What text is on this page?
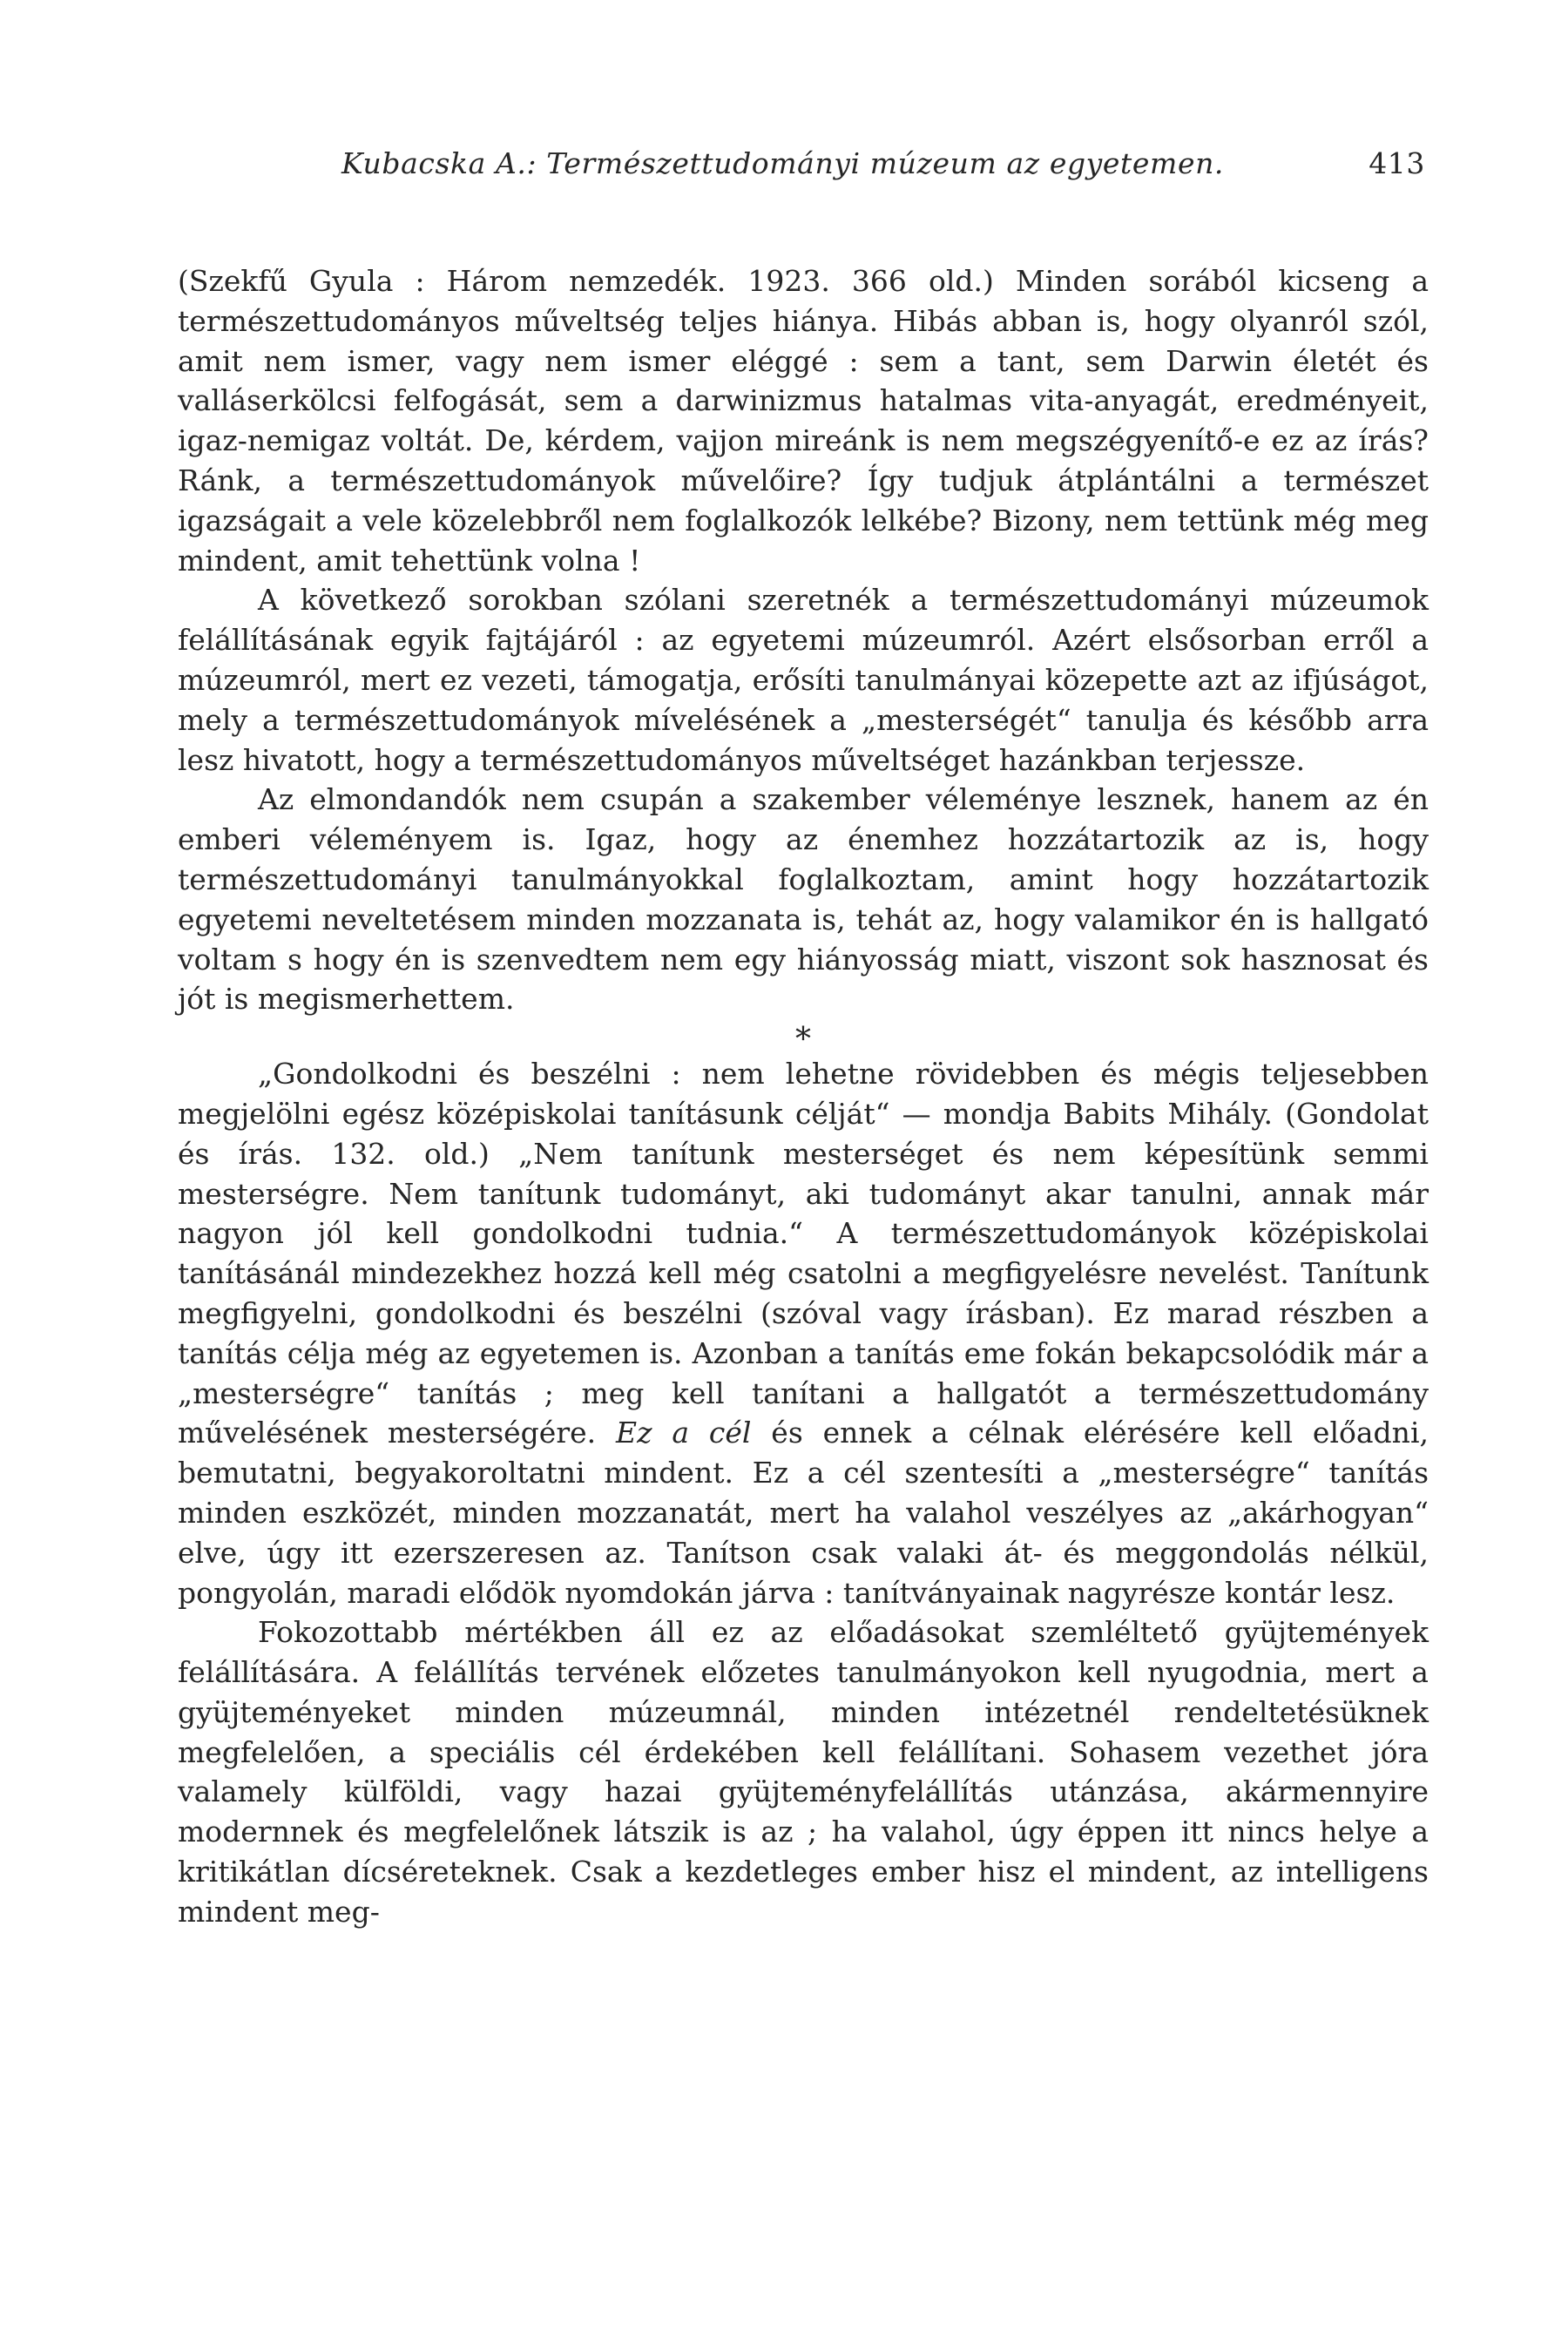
Kubacska A.: Természettudományi múzeum az egyetemen.	413

(Szekfű Gyula : Három nemzedék. 1923. 366 old.) Minden sorából kicseng a természettudományos műveltség teljes hiánya. Hibás abban is, hogy olyanról szól, amit nem ismer, vagy nem ismer eléggé : sem a tant, sem Darwin életét és valláserkölcsi felfogását, sem a darwinizmus hatalmas vita-anyagát, eredményeit, igaz-nemigaz voltát. De, kérdem, vajjon mireánk is nem megszégyenítő-e ez az írás? Ránk, a természettudományok művelőire? Így tudjuk átplántálni a természet igazságait a vele közelebbről nem foglalkozók lelkébe? Bizony, nem tettünk még meg mindent, amit tehettünk volna !

A következő sorokban szólani szeretnék a természettudományi múzeumok felállításának egyik fajtájáról : az egyetemi múzeumról. Azért elsősorban erről a múzeumról, mert ez vezeti, támogatja, erősíti tanulmányai közepette azt az ifjúságot, mely a természettudományok mívelésének a „mesterségét“ tanulja és később arra lesz hivatott, hogy a természettudományos műveltséget hazánkban terjessze.

Az elmondandók nem csupán a szakember véleménye lesznek, hanem az én emberi véleményem is. Igaz, hogy az énemhez hozzátartozik az is, hogy természettudományi tanulmányokkal foglalkoztam, amint hogy hozzátartozik egyetemi neveltetésem minden mozzanata is, tehát az, hogy valamikor én is hallgató voltam s hogy én is szenvedtem nem egy hiányosság miatt, viszont sok hasznosat és jót is megismerhettem.

*

„Gondolkodni és beszélni : nem lehetne rövidebben és mégis teljesebben megjelölni egész középiskolai tanításunk célját“ — mondja Babits Mihály. (Gondolat és írás. 132. old.) „Nem tanítunk mesterséget és nem képesítünk semmi mesterségre. Nem tanítunk tudományt, aki tudományt akar tanulni, annak már nagyon jól kell gondolkodni tudnia.“ A természettudományok középiskolai tanításánál mindezekhez hozzá kell még csatolni a megfigyelésre nevelést. Tanítunk megfigyelni, gondolkodni és beszélni (szóval vagy írásban). Ez marad részben a tanítás célja még az egyetemen is. Azonban a tanítás eme fokán bekapcsolódik már a „mesterségre“ tanítás ; meg kell tanítani a hallgatót a természettudomány művelésének mesterségére. Ez a cél és ennek a célnak elérésére kell előadni, bemutatni, begyakoroltatni mindent. Ez a cél szentesíti a „mesterségre“ tanítás minden eszközét, minden mozzanatát, mert ha valahol veszélyes az „akárhogyan“ elve, úgy itt ezerszeresen az. Tanítson csak valaki át- és meggondolás nélkül, pongyolán, maradi elődök nyomdokán járva : tanítványainak nagyrésze kontár lesz.

Fokozottabb mértékben áll ez az előadásokat szemléltető gyüjtemények felállítására. A felállítás tervének előzetes tanulmányokon kell nyugodnia, mert a gyüjteményeket minden múzeumnál, minden intézetnél rendeltetésüknek megfelelően, a speciális cél érdekében kell felállítani. Sohasem vezethet jóra valamely külföldi, vagy hazai gyüjteményfelállítás utánzása, akármennyire modernnek és megfelelőnek látszik is az ; ha valahol, úgy éppen itt nincs helye a kritikátlan dícséreteknek. Csak a kezdetleges ember hisz el mindent, az intelligens mindent meg-
